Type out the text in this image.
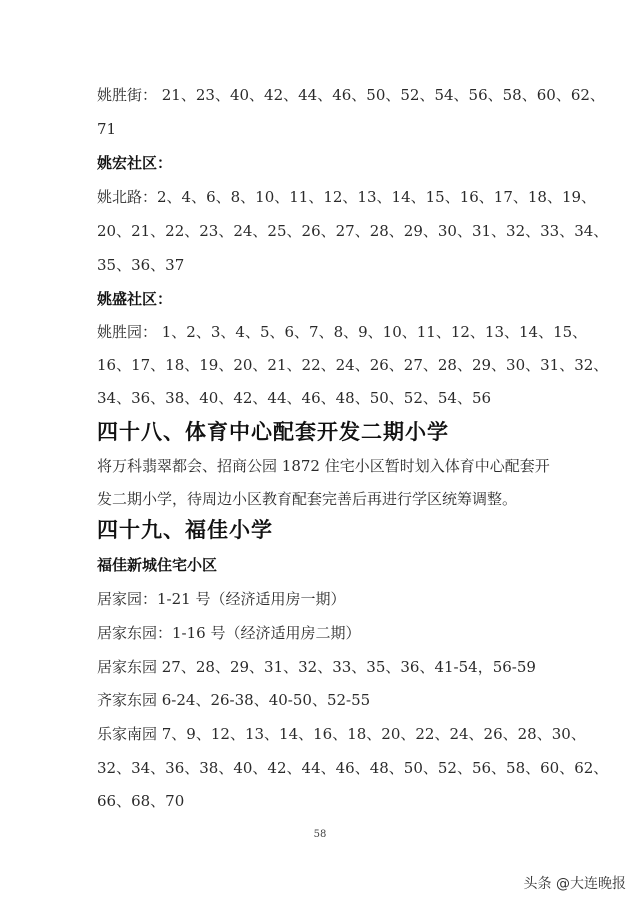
姚胜街： 21、23、40、42、44、46、50、52、54、56、58、60、62、
71
姚宏社区：
姚北路：2、4、6、8、10、11、12、13、14、15、16、17、18、19、
20、21、22、23、24、25、26、27、28、29、30、31、32、33、34、
35、36、37
姚盛社区：
姚胜园： 1、2、3、4、5、6、7、8、9、10、11、12、13、14、15、
16、17、18、19、20、21、22、24、26、27、28、29、30、31、32、
34、36、38、40、42、44、46、48、50、52、54、56
四十八、体育中心配套开发二期小学
将万科翡翠都会、招商公园 1872 住宅小区暂时划入体育中心配套开
发二期小学，待周边小区教育配套完善后再进行学区统筹调整。
四十九、福佳小学
福佳新城住宅小区
居家园：1-21 号（经济适用房一期）
居家东园：1-16 号（经济适用房二期）
居家东园 27、28、29、31、32、33、35、36、41-54，56-59
齐家东园 6-24、26-38、40-50、52-55
乐家南园 7、9、12、13、14、16、18、20、22、24、26、28、30、
32、34、36、38、40、42、44、46、48、50、52、56、58、60、62、
66、68、70
58
头条 @大连晚报
